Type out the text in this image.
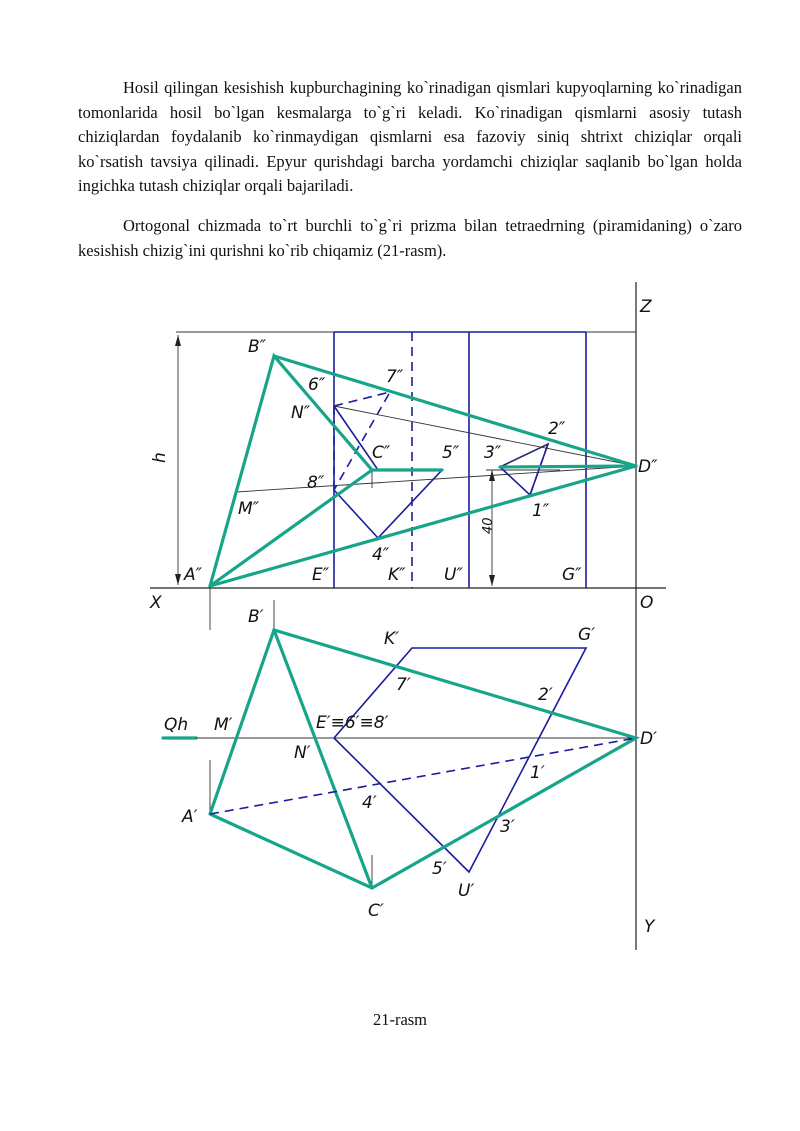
Hosil qilingan kesishish kupburchagining ko`rinadigan qismlari kupyoqlarning ko`rinadigan tomonlarida hosil bo`lgan kesmalarga to`g`ri keladi. Ko`rinadigan qismlarni asosiy tutash chiziqlardan foydalanib ko`rinmaydigan qismlarni esa fazoviy siniq shtrixt chiziqlar orqali ko`rsatish tavsiya qilinadi. Epyur qurishdagi barcha yordamchi chiziqlar saqlanib bo`lgan holda ingichka tutash chiziqlar orqali bajariladi.

Ortogonal chizmada to`rt burchli to`g`ri prizma bilan tetraedrning (piramidaning) o`zaro kesishish chizig`ini qurishni ko`rib chiqamiz (21-rasm).

h
40
B″
6″	7″
N″
C″	5″ 3″
2″
D″
8″
M″	1″
4″
A″	E″	K″ U″	G″
Z
X	O
Y
Qh
B′
K′	G′
7′	2′
M′	E′≡6′≡8′
N′
D′
1′
A′
4′
3′
5′
U′
C′
21-rasm
